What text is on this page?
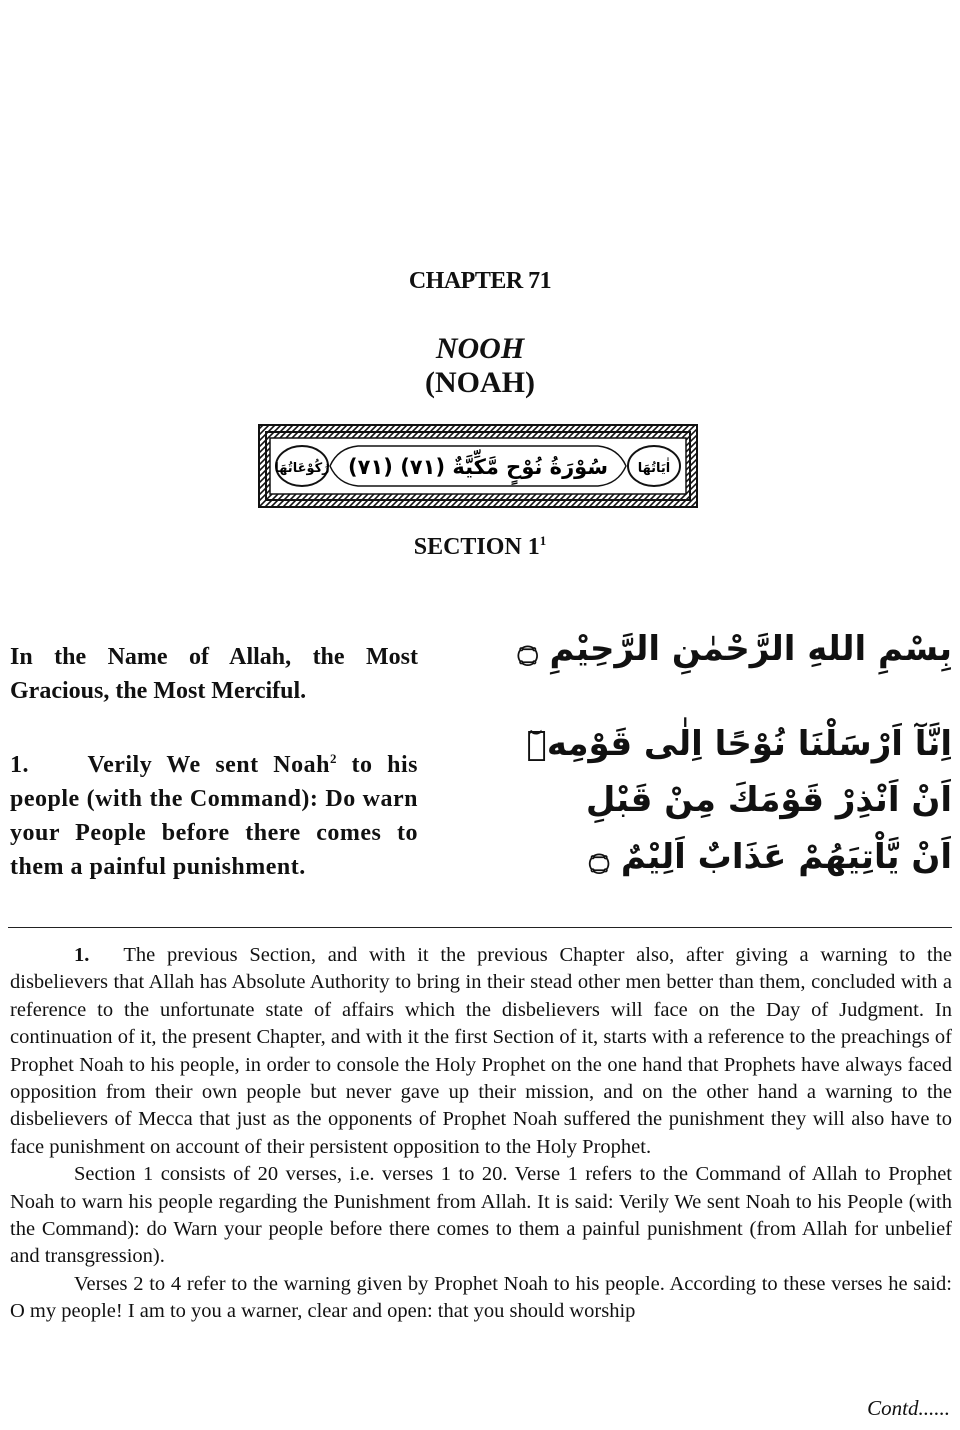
CHAPTER 71
NOOH
(NOAH)
رُكُوْعَاتُهَا (٧١) سُوْرَةُ نُوْحٍ مَّكِّيَّةٌ (٧١) اٰيَاتُهَا
SECTION $1^1$
In the Name of Allah, the Most Gracious, the Most Merciful.
1. Verily We sent Noah$^2$ to his people (with the Command): Do warn your People before there comes to them a painful punishment.
بِسْمِ اللهِ الرَّحْمٰنِ الرَّحِيْمِ ۝
اِنَّآ اَرْسَلْنَا نُوْحًا اِلٰى قَوْمِهٖٓ
اَنْ اَنْذِرْ قَوْمَكَ مِنْ قَبْلِ
اَنْ يَّاْتِيَهُمْ عَذَابٌ اَلِيْمٌ ۝

1. The previous Section, and with it the previous Chapter also, after giving a warning to the disbelievers that Allah has Absolute Authority to bring in their stead other men better than them, concluded with a reference to the unfortunate state of affairs which the disbelievers will face on the Day of Judgment. In continuation of it, the present Chapter, and with it the first Section of it, starts with a reference to the preachings of Prophet Noah to his people, in order to console the Holy Prophet on the one hand that Prophets have always faced opposition from their own people but never gave up their mission, and on the other hand a warning to the disbelievers of Mecca that just as the opponents of Prophet Noah suffered the punishment they will also have to face punishment on account of their persistent opposition to the Holy Prophet.

Section 1 consists of 20 verses, i.e. verses 1 to 20. Verse 1 refers to the Command of Allah to Prophet Noah to warn his people regarding the Punishment from Allah. It is said: Verily We sent Noah to his People (with the Command): do Warn your people before there comes to them a painful punishment (from Allah for unbelief and transgression).

Verses 2 to 4 refer to the warning given by Prophet Noah to his people. According to these verses he said: O my people! I am to you a warner, clear and open: that you should worship

Contd......
